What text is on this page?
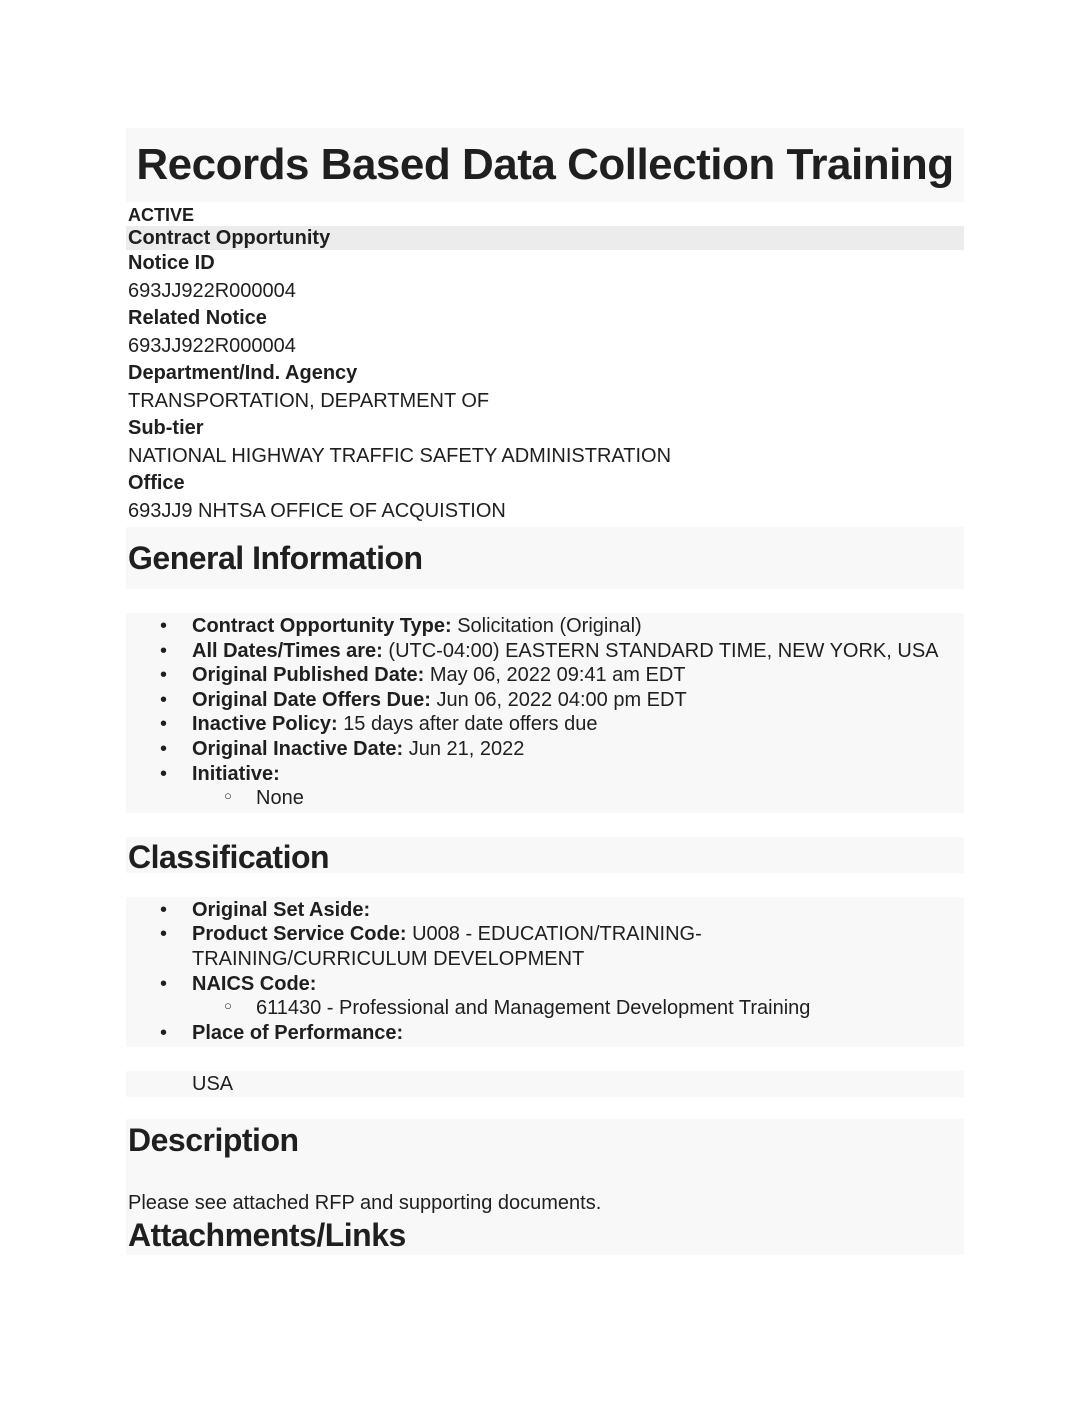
Records Based Data Collection Training
ACTIVE
Contract Opportunity
Notice ID
693JJ922R000004
Related Notice
693JJ922R000004
Department/Ind. Agency
TRANSPORTATION, DEPARTMENT OF
Sub-tier
NATIONAL HIGHWAY TRAFFIC SAFETY ADMINISTRATION
Office
693JJ9 NHTSA OFFICE OF ACQUISTION
General Information
• Contract Opportunity Type: Solicitation (Original)
• All Dates/Times are: (UTC-04:00) EASTERN STANDARD TIME, NEW YORK, USA
• Original Published Date: May 06, 2022 09:41 am EDT
• Original Date Offers Due: Jun 06, 2022 04:00 pm EDT
• Inactive Policy: 15 days after date offers due
• Original Inactive Date: Jun 21, 2022
• Initiative:
○ None
Classification
• Original Set Aside:
• Product Service Code: U008 - EDUCATION/TRAINING- TRAINING/CURRICULUM DEVELOPMENT
• NAICS Code:
○ 611430 - Professional and Management Development Training
• Place of Performance:
USA
Description
Please see attached RFP and supporting documents.
Attachments/Links
